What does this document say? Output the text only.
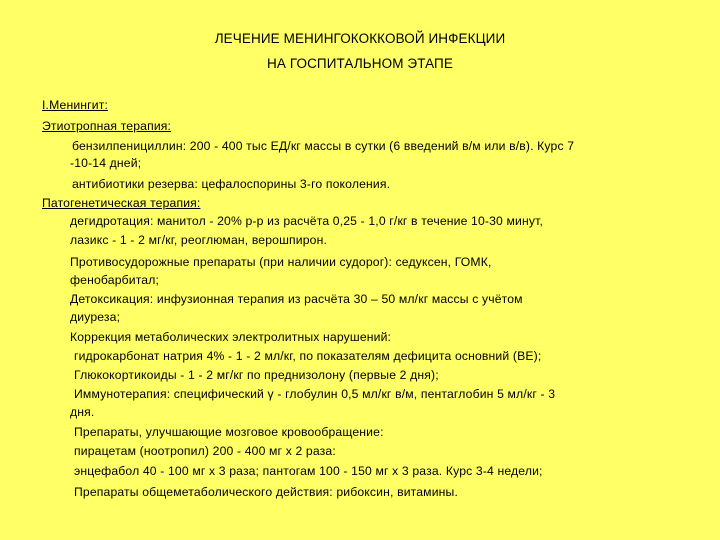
ЛЕЧЕНИЕ МЕНИНГОКОККОВОЙ ИНФЕКЦИИ
НА ГОСПИТАЛЬНОМ ЭТАПЕ
I.Менингит:
Этиотропная терапия:
бензилпенициллин: 200 - 400 тыс ЕД/кг массы в сутки (6 введений в/м или в/в). Курс 7
-10-14 дней;
антибиотики резерва: цефалоспорины 3-го поколения.
Патогенетическая терапия:
дегидротация: манитол - 20% р-р из расчёта 0,25 - 1,0 г/кг в течение 10-30 минут,
лазикс - 1 - 2 мг/кг, реоглюман, верошпирон.
Противосудорожные препараты (при наличии судорог): седуксен, ГОМК,
фенобарбитал;
Детоксикация: инфузионная терапия из расчёта 30 – 50 мл/кг массы с учётом
диуреза;
Коррекция метаболических электролитных нарушений:
гидрокарбонат натрия 4% - 1 - 2 мл/кг, по показателям дефицита основний (ВЕ);
Глюкокортикоиды - 1 - 2 мг/кг по преднизолону (первые 2 дня);
Иммунотерапия: специфический γ - глобулин 0,5 мл/кг в/м, пентаглобин 5 мл/кг - 3
дня.
Препараты, улучшающие мозговое кровообращение:
пирацетам (ноотропил) 200 - 400 мг х 2 раза:
энцефабол 40 - 100 мг х 3 раза; пантогам 100 - 150 мг х 3 раза. Курс 3-4 недели;
Препараты общеметаболического действия: рибоксин, витамины.
